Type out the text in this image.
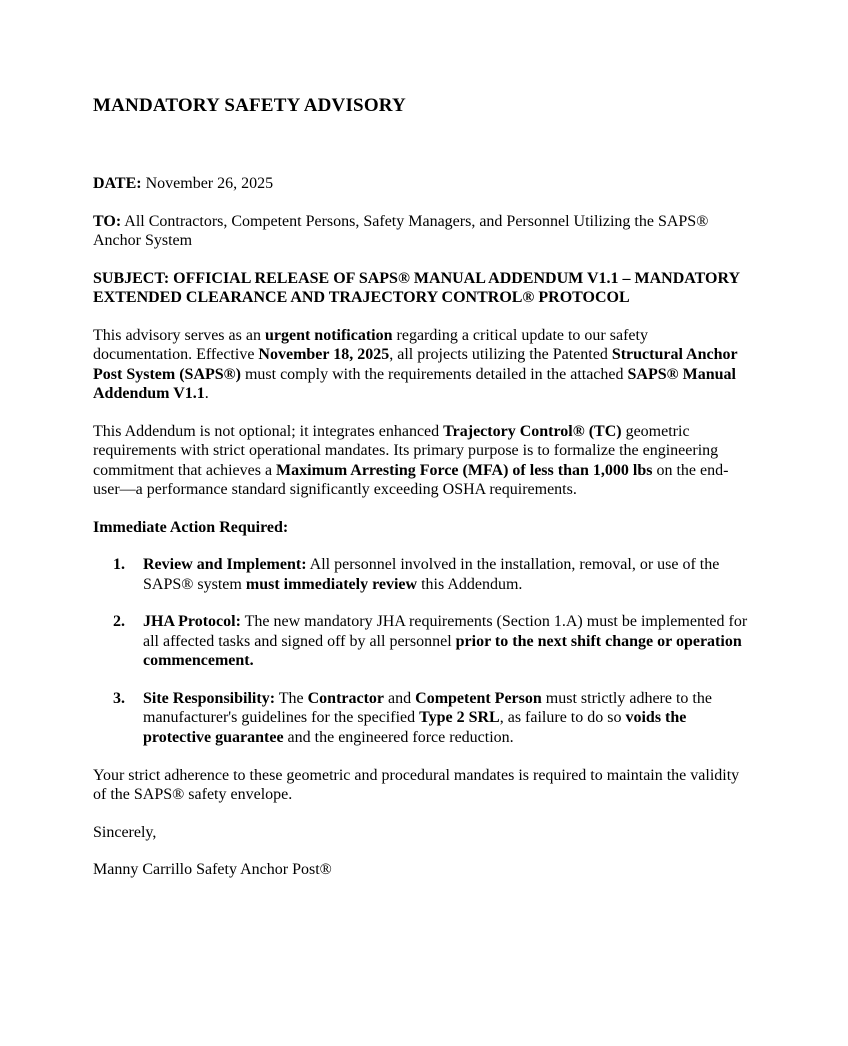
MANDATORY SAFETY ADVISORY

DATE: November 26, 2025

TO: All Contractors, Competent Persons, Safety Managers, and Personnel Utilizing the SAPS® Anchor System

SUBJECT: OFFICIAL RELEASE OF SAPS® MANUAL ADDENDUM V1.1 – MANDATORY EXTENDED CLEARANCE AND TRAJECTORY CONTROL® PROTOCOL

This advisory serves as an urgent notification regarding a critical update to our safety documentation. Effective November 18, 2025, all projects utilizing the Patented Structural Anchor Post System (SAPS®) must comply with the requirements detailed in the attached SAPS® Manual Addendum V1.1.

This Addendum is not optional; it integrates enhanced Trajectory Control® (TC) geometric requirements with strict operational mandates. Its primary purpose is to formalize the engineering commitment that achieves a Maximum Arresting Force (MFA) of less than 1,000 lbs on the end-user—a performance standard significantly exceeding OSHA requirements.

Immediate Action Required:

1.	Review and Implement: All personnel involved in the installation, removal, or use of the SAPS® system must immediately review this Addendum.
2.	JHA Protocol: The new mandatory JHA requirements (Section 1.A) must be implemented for all affected tasks and signed off by all personnel prior to the next shift change or operation commencement.
3.	Site Responsibility: The Contractor and Competent Person must strictly adhere to the manufacturer's guidelines for the specified Type 2 SRL, as failure to do so voids the protective guarantee and the engineered force reduction.

Your strict adherence to these geometric and procedural mandates is required to maintain the validity of the SAPS® safety envelope.

Sincerely,

Manny Carrillo Safety Anchor Post®
